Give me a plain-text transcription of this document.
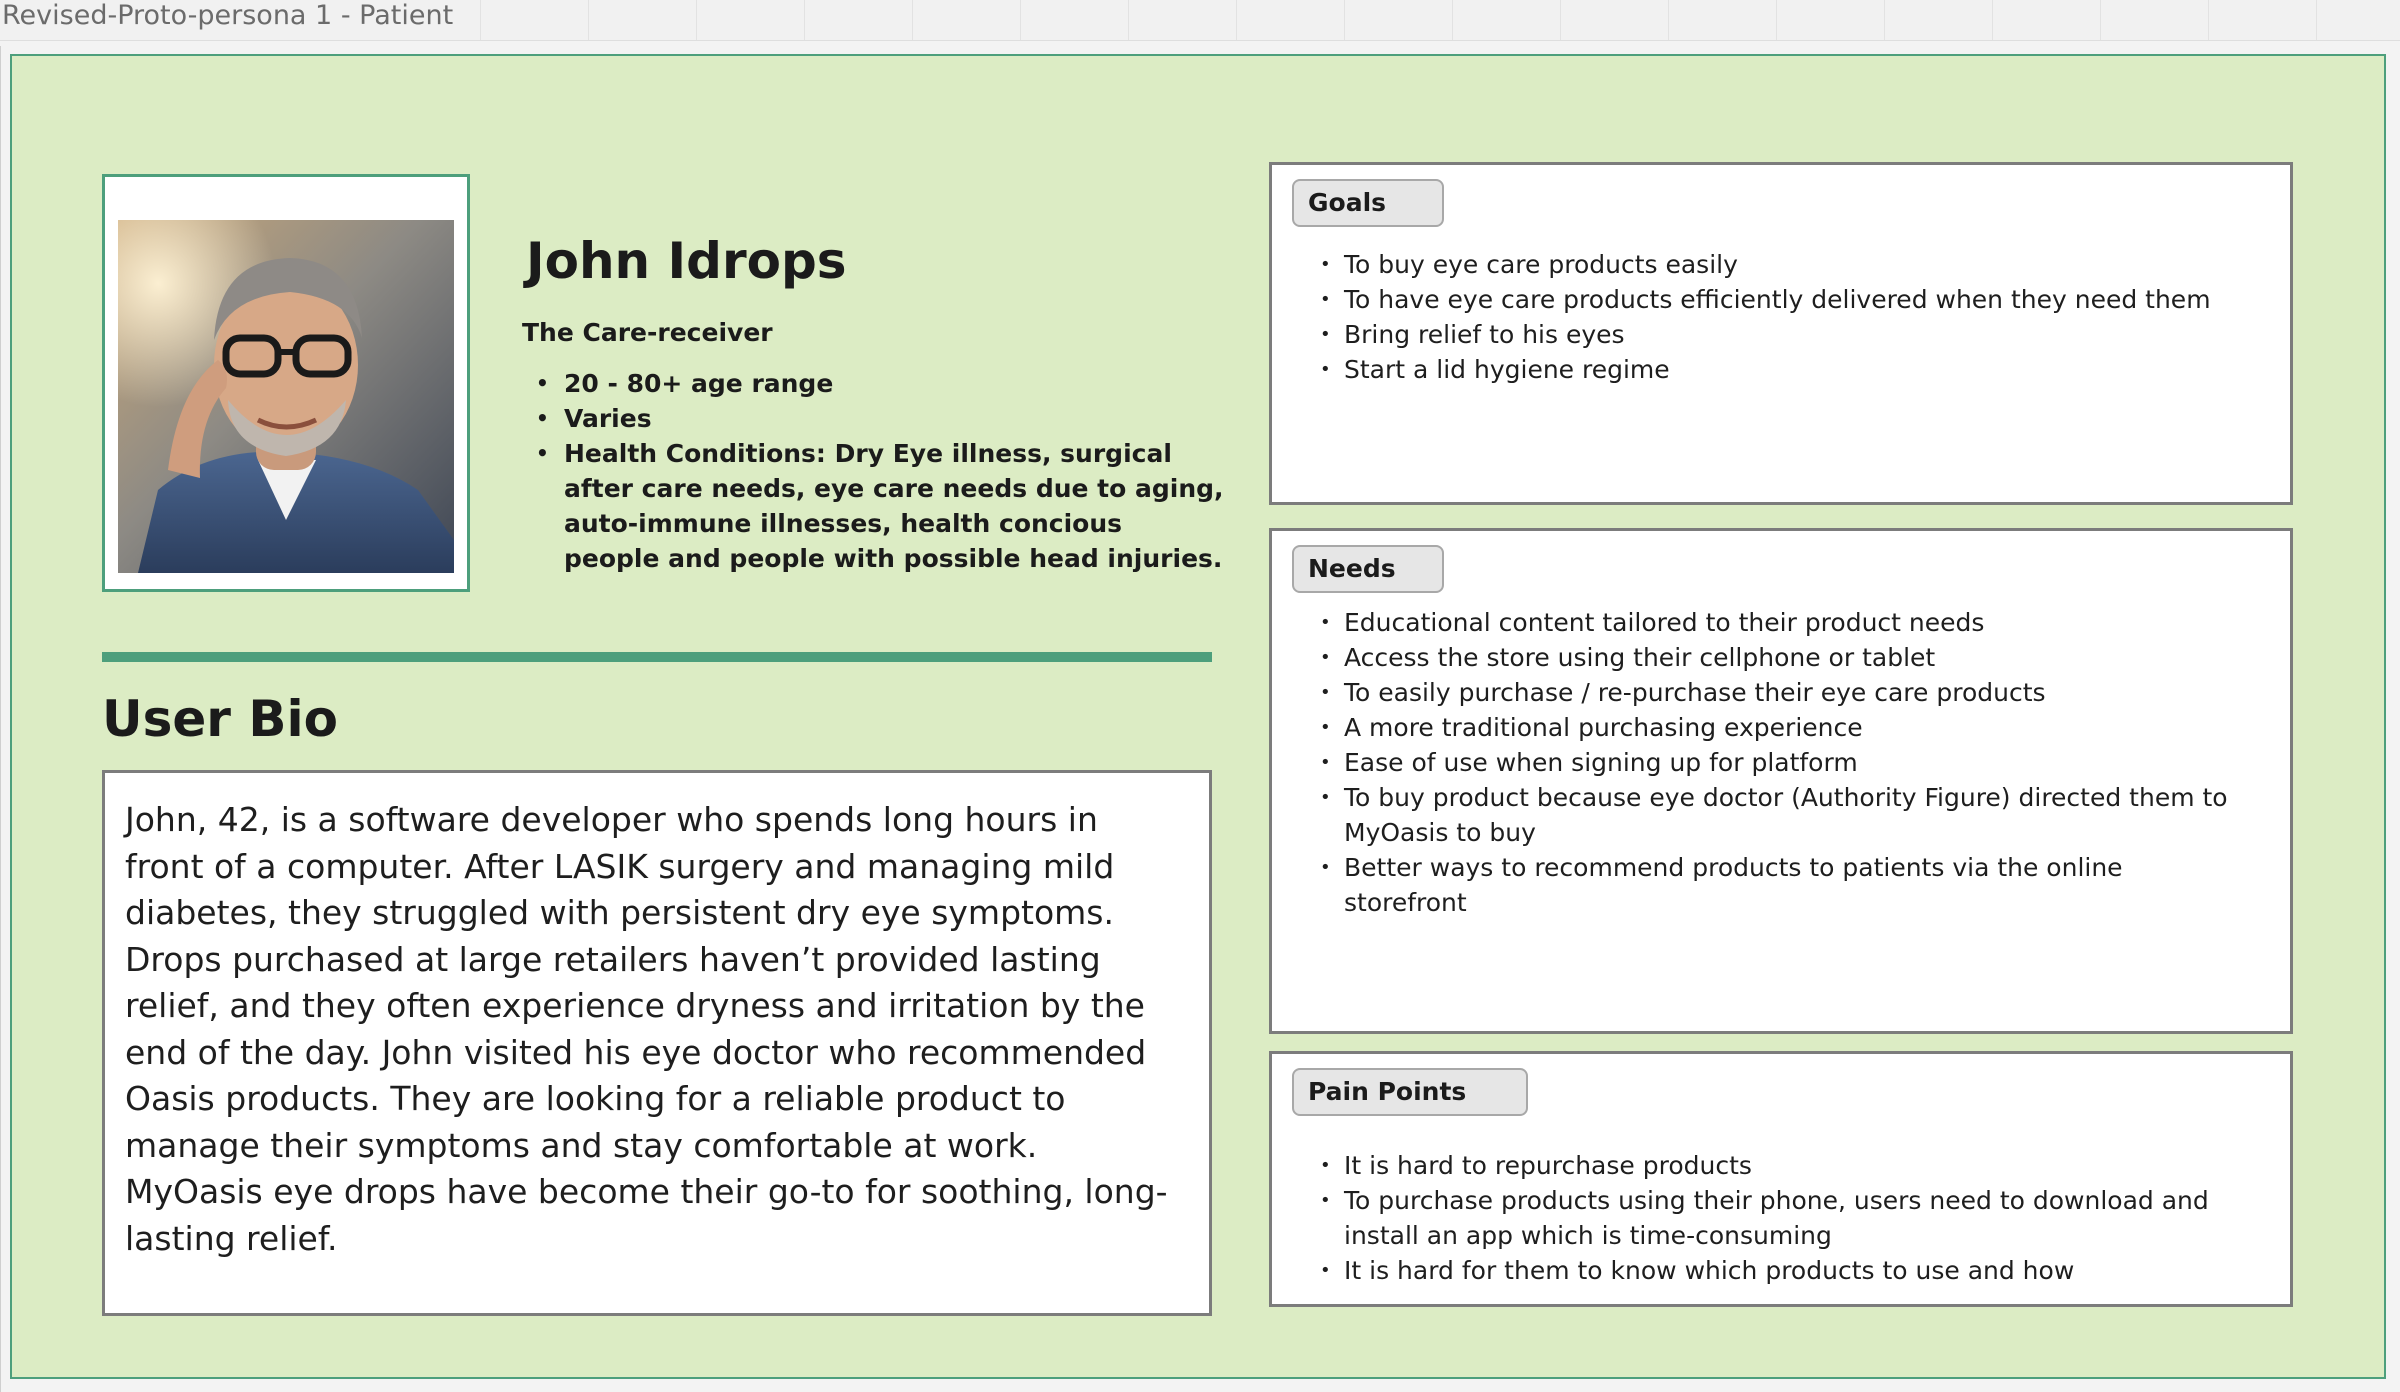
Revised-Proto-persona 1 - Patient
John Idrops
The Care-receiver
• 20 - 80+ age range
• Varies
• Health Conditions: Dry Eye illness, surgical after care needs, eye care needs due to aging, auto-immune illnesses, health concious people and people with possible head injuries.
User Bio
John, 42, is a software developer who spends long hours in front of a computer. After LASIK surgery and managing mild diabetes, they struggled with persistent dry eye symptoms. Drops purchased at large retailers haven’t provided lasting relief, and they often experience dryness and irritation by the end of the day. John visited his eye doctor who recommended Oasis products. They are looking for a reliable product to manage their symptoms and stay comfortable at work. MyOasis eye drops have become their go-to for soothing, long-lasting relief.
Goals
• To buy eye care products easily
• To have eye care products efficiently delivered when they need them
• Bring relief to his eyes
• Start a lid hygiene regime
Needs
• Educational content tailored to their product needs
• Access the store using their cellphone or tablet
• To easily purchase / re-purchase their eye care products
• A more traditional purchasing experience
• Ease of use when signing up for platform
• To buy product because eye doctor (Authority Figure) directed them to MyOasis to buy
• Better ways to recommend products to patients via the online storefront
Pain Points
• It is hard to repurchase products
• To purchase products using their phone, users need to download and install an app which is time-consuming
• It is hard for them to know which products to use and how
